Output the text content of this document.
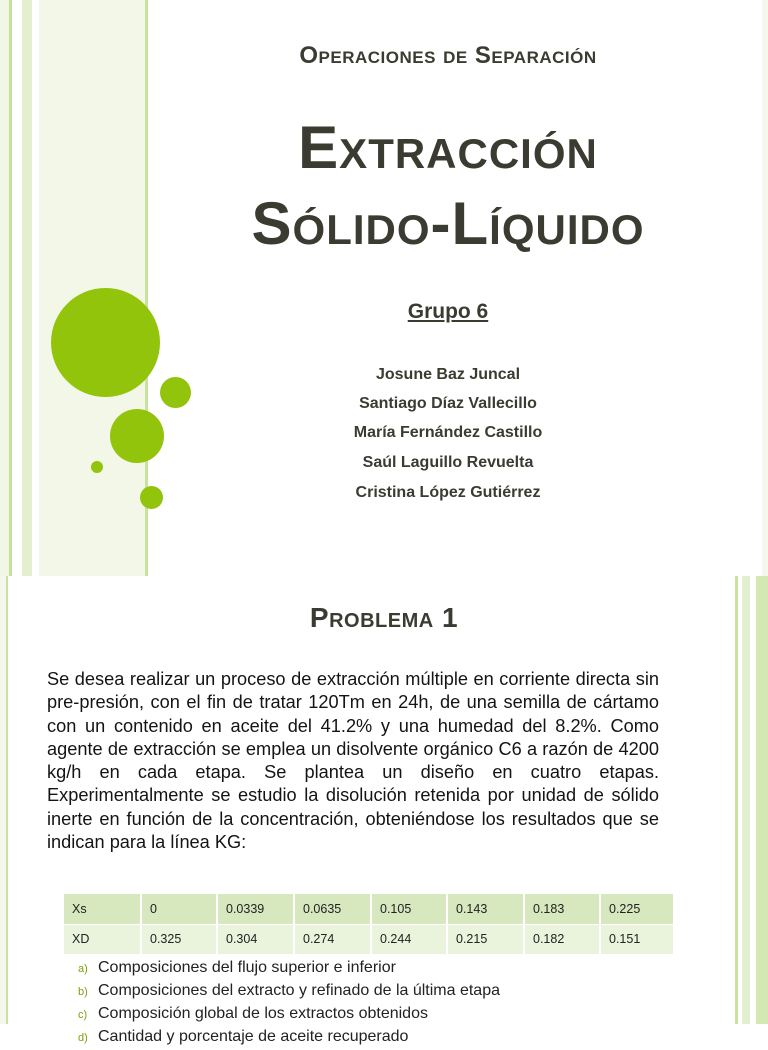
Operaciones de Separación
Extracción
Sólido-Líquido
Grupo 6
Josune Baz Juncal
Santiago Díaz Vallecillo
María Fernández Castillo
Saúl Laguillo Revuelta
Cristina López Gutiérrez
Problema 1
Se desea realizar un proceso de extracción múltiple en corriente directa sin pre-presión, con el fin de tratar 120Tm en 24h, de una semilla de cártamo con un contenido en aceite del 41.2% y una humedad del 8.2%. Como agente de extracción se emplea un disolvente orgánico C6 a razón de 4200 kg/h en cada etapa. Se plantea un diseño en cuatro etapas. Experimentalmente se estudio la disolución retenida por unidad de sólido inerte en función de la concentración, obteniéndose los resultados que se indican para la línea KG:
Xs	0	0.0339	0.0635	0.105	0.143	0.183	0.225
XD	0.325	0.304	0.274	0.244	0.215	0.182	0.151
a) Composiciones del flujo superior e inferior
b) Composiciones del extracto y refinado de la última etapa
c) Composición global de los extractos obtenidos
d) Cantidad y porcentaje de aceite recuperado
